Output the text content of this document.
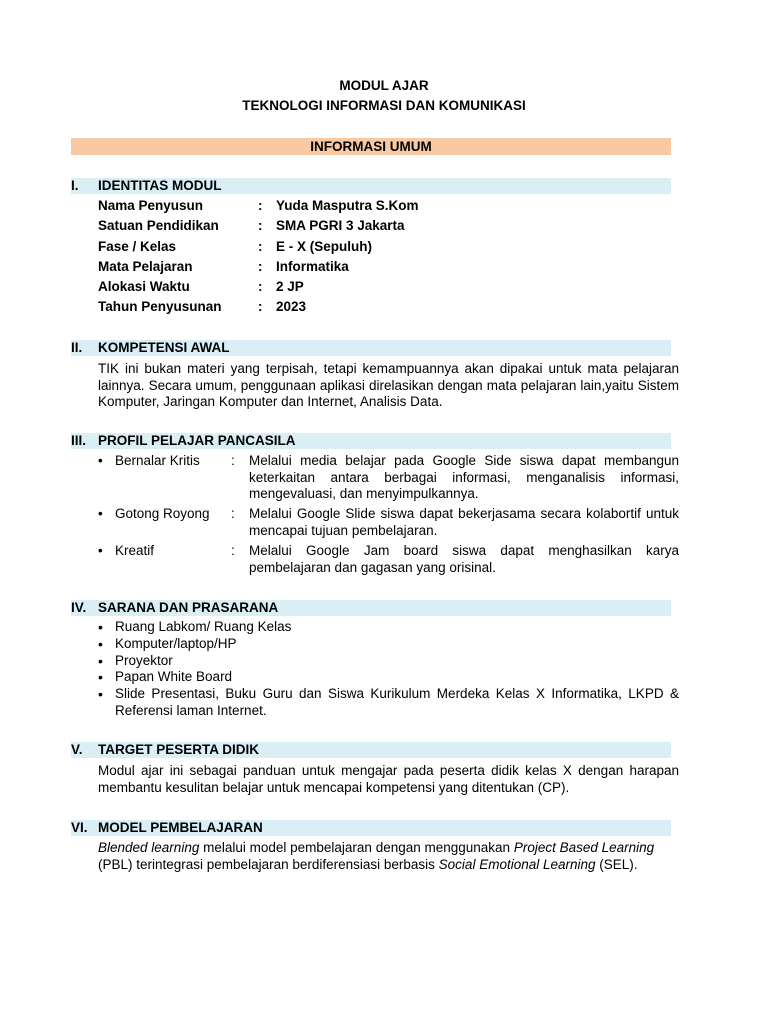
MODUL AJAR
TEKNOLOGI INFORMASI DAN KOMUNIKASI
INFORMASI UMUM
I. IDENTITAS MODUL
Nama Penyusun	: Yuda Masputra S.Kom
Satuan Pendidikan	: SMA PGRI 3 Jakarta
Fase / Kelas	: E - X (Sepuluh)
Mata Pelajaran	: Informatika
Alokasi Waktu	: 2 JP
Tahun Penyusunan	: 2023
II. KOMPETENSI AWAL
TIK ini bukan materi yang terpisah, tetapi kemampuannya akan dipakai untuk mata pelajaran lainnya. Secara umum, penggunaan aplikasi direlasikan dengan mata pelajaran lain,yaitu Sistem Komputer, Jaringan Komputer dan Internet, Analisis Data.
III. PROFIL PELAJAR PANCASILA
• Bernalar Kritis : Melalui media belajar pada Google Side siswa dapat membangun keterkaitan antara berbagai informasi, menganalisis informasi, mengevaluasi, dan menyimpulkannya.
• Gotong Royong : Melalui Google Slide siswa dapat bekerjasama secara kolabortif untuk mencapai tujuan pembelajaran.
• Kreatif	: Melalui Google Jam board siswa dapat menghasilkan karya pembelajaran dan gagasan yang orisinal.
IV. SARANA DAN PRASARANA
• Ruang Labkom/ Ruang Kelas
• Komputer/laptop/HP
• Proyektor
• Papan White Board
• Slide Presentasi, Buku Guru dan Siswa Kurikulum Merdeka Kelas X Informatika, LKPD & Referensi laman Internet.
V. TARGET PESERTA DIDIK
Modul ajar ini sebagai panduan untuk mengajar pada peserta didik kelas X dengan harapan membantu kesulitan belajar untuk mencapai kompetensi yang ditentukan (CP).
VI. MODEL PEMBELAJARAN
Blended learning melalui model pembelajaran dengan menggunakan Project Based Learning (PBL) terintegrasi pembelajaran berdiferensiasi berbasis Social Emotional Learning (SEL).
